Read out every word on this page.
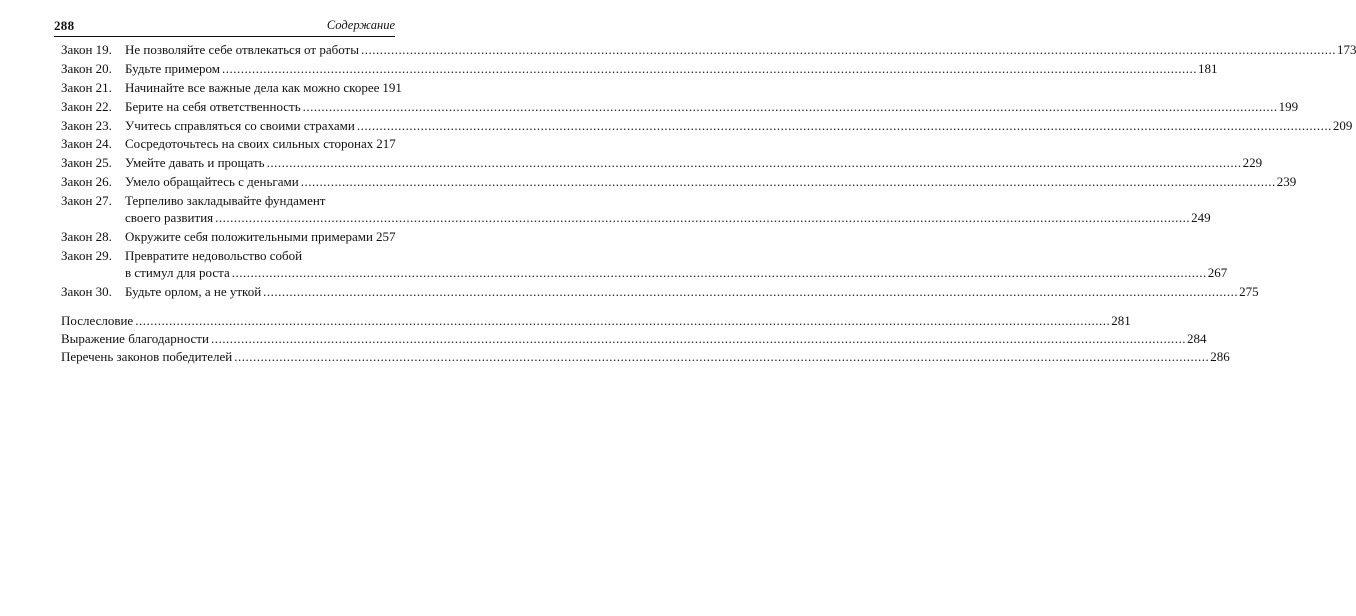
288	Содержание
Закон 19.	Не позволяйте себе отвлекаться от работы .................................................................................................................................................................................................................................................................... 173
Закон 20.	Будьте примером .................................................................................................................................................................................................................................................................... 181
Закон 21.	Начинайте все важные дела как можно скорее 191
Закон 22.	Берите на себя ответственность .................................................................................................................................................................................................................................................................... 199
Закон 23.	Учитесь справляться со своими страхами .................................................................................................................................................................................................................................................................... 209
Закон 24.	Сосредоточьтесь на своих сильных сторонах 217
Закон 25.	Умейте давать и прощать .................................................................................................................................................................................................................................................................... 229
Закон 26.	Умело обращайтесь с деньгами .................................................................................................................................................................................................................................................................... 239
Закон 27.	Терпеливо закладывайте фундамент
своего развития .................................................................................................................................................................................................................................................................... 249
Закон 28.	Окружите себя положительными примерами 257
Закон 29.	Превратите недовольство собой
в стимул для роста .................................................................................................................................................................................................................................................................... 267
Закон 30.	Будьте орлом, а не уткой .................................................................................................................................................................................................................................................................... 275
Послесловие .................................................................................................................................................................................................................................................................... 281
Выражение благодарности .................................................................................................................................................................................................................................................................... 284
Перечень законов победителей .................................................................................................................................................................................................................................................................... 286
